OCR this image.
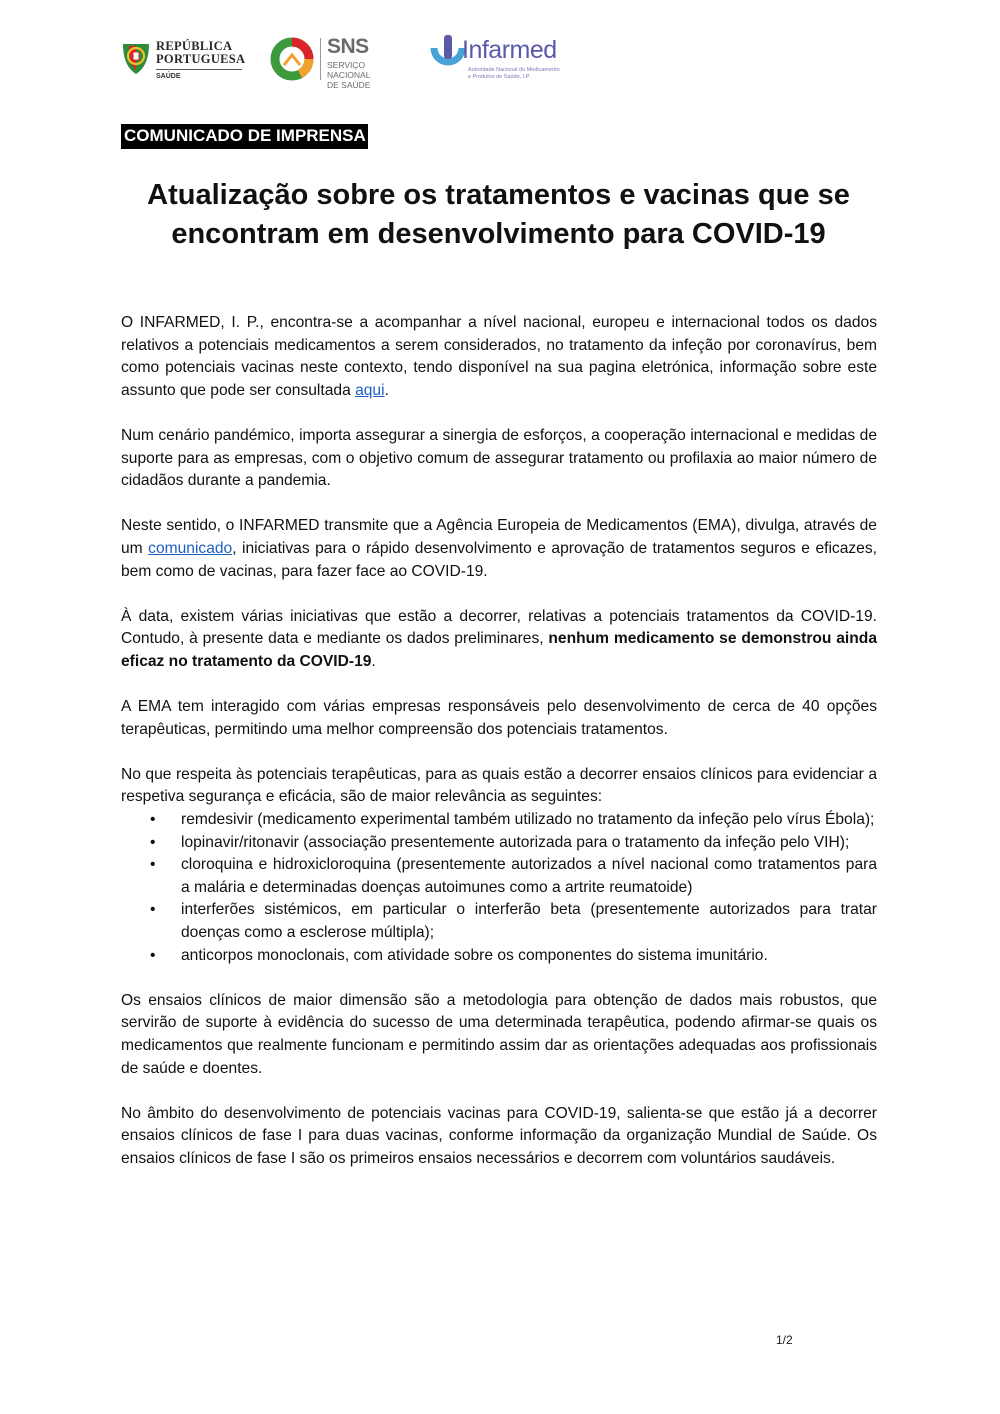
REPÚBLICA
PORTUGUESA
SAÚDE
SNS
SERVIÇO NACIONAL
DE SAÚDE
Infarmed
Autoridade Nacional do Medicamento
e Produtos de Saúde, I.P.
COMUNICADO DE IMPRENSA
Atualização sobre os tratamentos e vacinas que se
encontram em desenvolvimento para COVID-19

O INFARMED, I. P., encontra-se a acompanhar a nível nacional, europeu e internacional todos os dados relativos a potenciais medicamentos a serem considerados, no tratamento da infeção por coronavírus, bem como potenciais vacinas neste contexto, tendo disponível na sua pagina eletrónica, informação sobre este assunto que pode ser consultada aqui.

Num cenário pandémico, importa assegurar a sinergia de esforços, a cooperação internacional e medidas de suporte para as empresas, com o objetivo comum de assegurar tratamento ou profilaxia ao maior número de cidadãos durante a pandemia.

Neste sentido, o INFARMED transmite que a Agência Europeia de Medicamentos (EMA), divulga, através de um comunicado, iniciativas para o rápido desenvolvimento e aprovação de tratamentos seguros e eficazes, bem como de vacinas, para fazer face ao COVID-19.

À data, existem várias iniciativas que estão a decorrer, relativas a potenciais tratamentos da COVID-19. Contudo, à presente data e mediante os dados preliminares, nenhum medicamento se demonstrou ainda eficaz no tratamento da COVID-19.

A EMA tem interagido com várias empresas responsáveis pelo desenvolvimento de cerca de 40 opções terapêuticas, permitindo uma melhor compreensão dos potenciais tratamentos.

No que respeita às potenciais terapêuticas, para as quais estão a decorrer ensaios clínicos para evidenciar a respetiva segurança e eficácia, são de maior relevância as seguintes:

• remdesivir (medicamento experimental também utilizado no tratamento da infeção pelo vírus Ébola);
• lopinavir/ritonavir (associação presentemente autorizada para o tratamento da infeção pelo VIH);
• cloroquina e hidroxicloroquina (presentemente autorizados a nível nacional como tratamentos para a malária e determinadas doenças autoimunes como a artrite reumatoide)
• interferões sistémicos, em particular o interferão beta (presentemente autorizados para tratar doenças como a esclerose múltipla);
• anticorpos monoclonais, com atividade sobre os componentes do sistema imunitário.

Os ensaios clínicos de maior dimensão são a metodologia para obtenção de dados mais robustos, que servirão de suporte à evidência do sucesso de uma determinada terapêutica, podendo afirmar-se quais os medicamentos que realmente funcionam e permitindo assim dar as orientações adequadas aos profissionais de saúde e doentes.

No âmbito do desenvolvimento de potenciais vacinas para COVID-19, salienta-se que estão já a decorrer ensaios clínicos de fase I para duas vacinas, conforme informação da organização Mundial de Saúde. Os ensaios clínicos de fase I são os primeiros ensaios necessários e decorrem com voluntários saudáveis.

1/2
